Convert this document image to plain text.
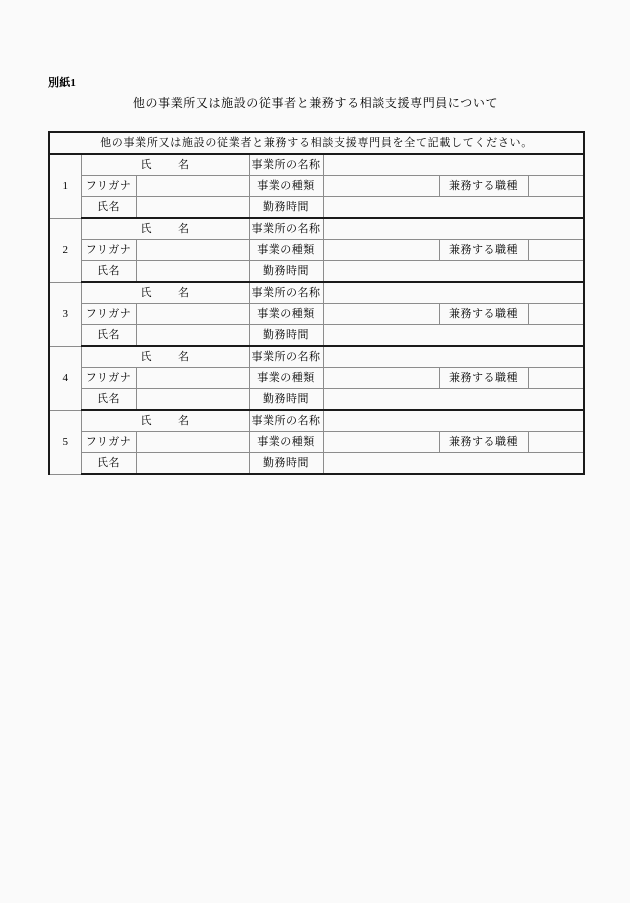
別紙1
他の事業所又は施設の従事者と兼務する相談支援専門員について
他の事業所又は施設の従業者と兼務する相談支援専門員を全て記載してください。						
1	氏 名		事業所の名称			
	フリガナ		事業の種類		兼務する職種	
	氏名		勤務時間			
2	氏 名		事業所の名称			
	フリガナ		事業の種類		兼務する職種	
	氏名		勤務時間			
3	氏 名		事業所の名称			
	フリガナ		事業の種類		兼務する職種	
	氏名		勤務時間			
4	氏 名		事業所の名称			
	フリガナ		事業の種類		兼務する職種	
	氏名		勤務時間			
5	氏 名		事業所の名称			
	フリガナ		事業の種類		兼務する職種	
	氏名		勤務時間			
